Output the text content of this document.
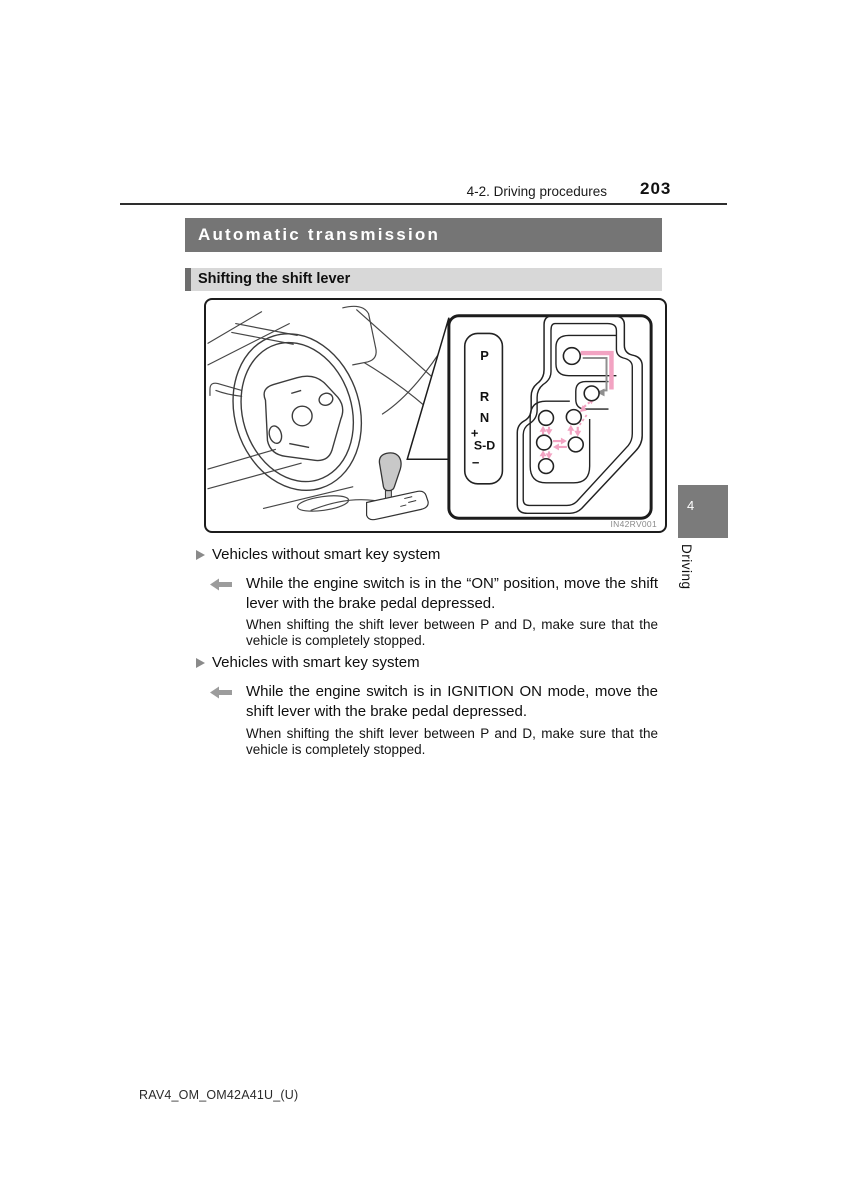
4-2. Driving procedures 203
Automatic transmission
Shifting the shift lever
P
R
N
+
S-D
−
IN42RV001
Vehicles without smart key system
While the engine switch is in the “ON” position, move the shift lever with the brake pedal depressed.
When shifting the shift lever between P and D, make sure that the vehicle is completely stopped.
Vehicles with smart key system
While the engine switch is in IGNITION ON mode, move the shift lever with the brake pedal depressed.
When shifting the shift lever between P and D, make sure that the vehicle is completely stopped.
4
Driving
RAV4_OM_OM42A41U_(U)
